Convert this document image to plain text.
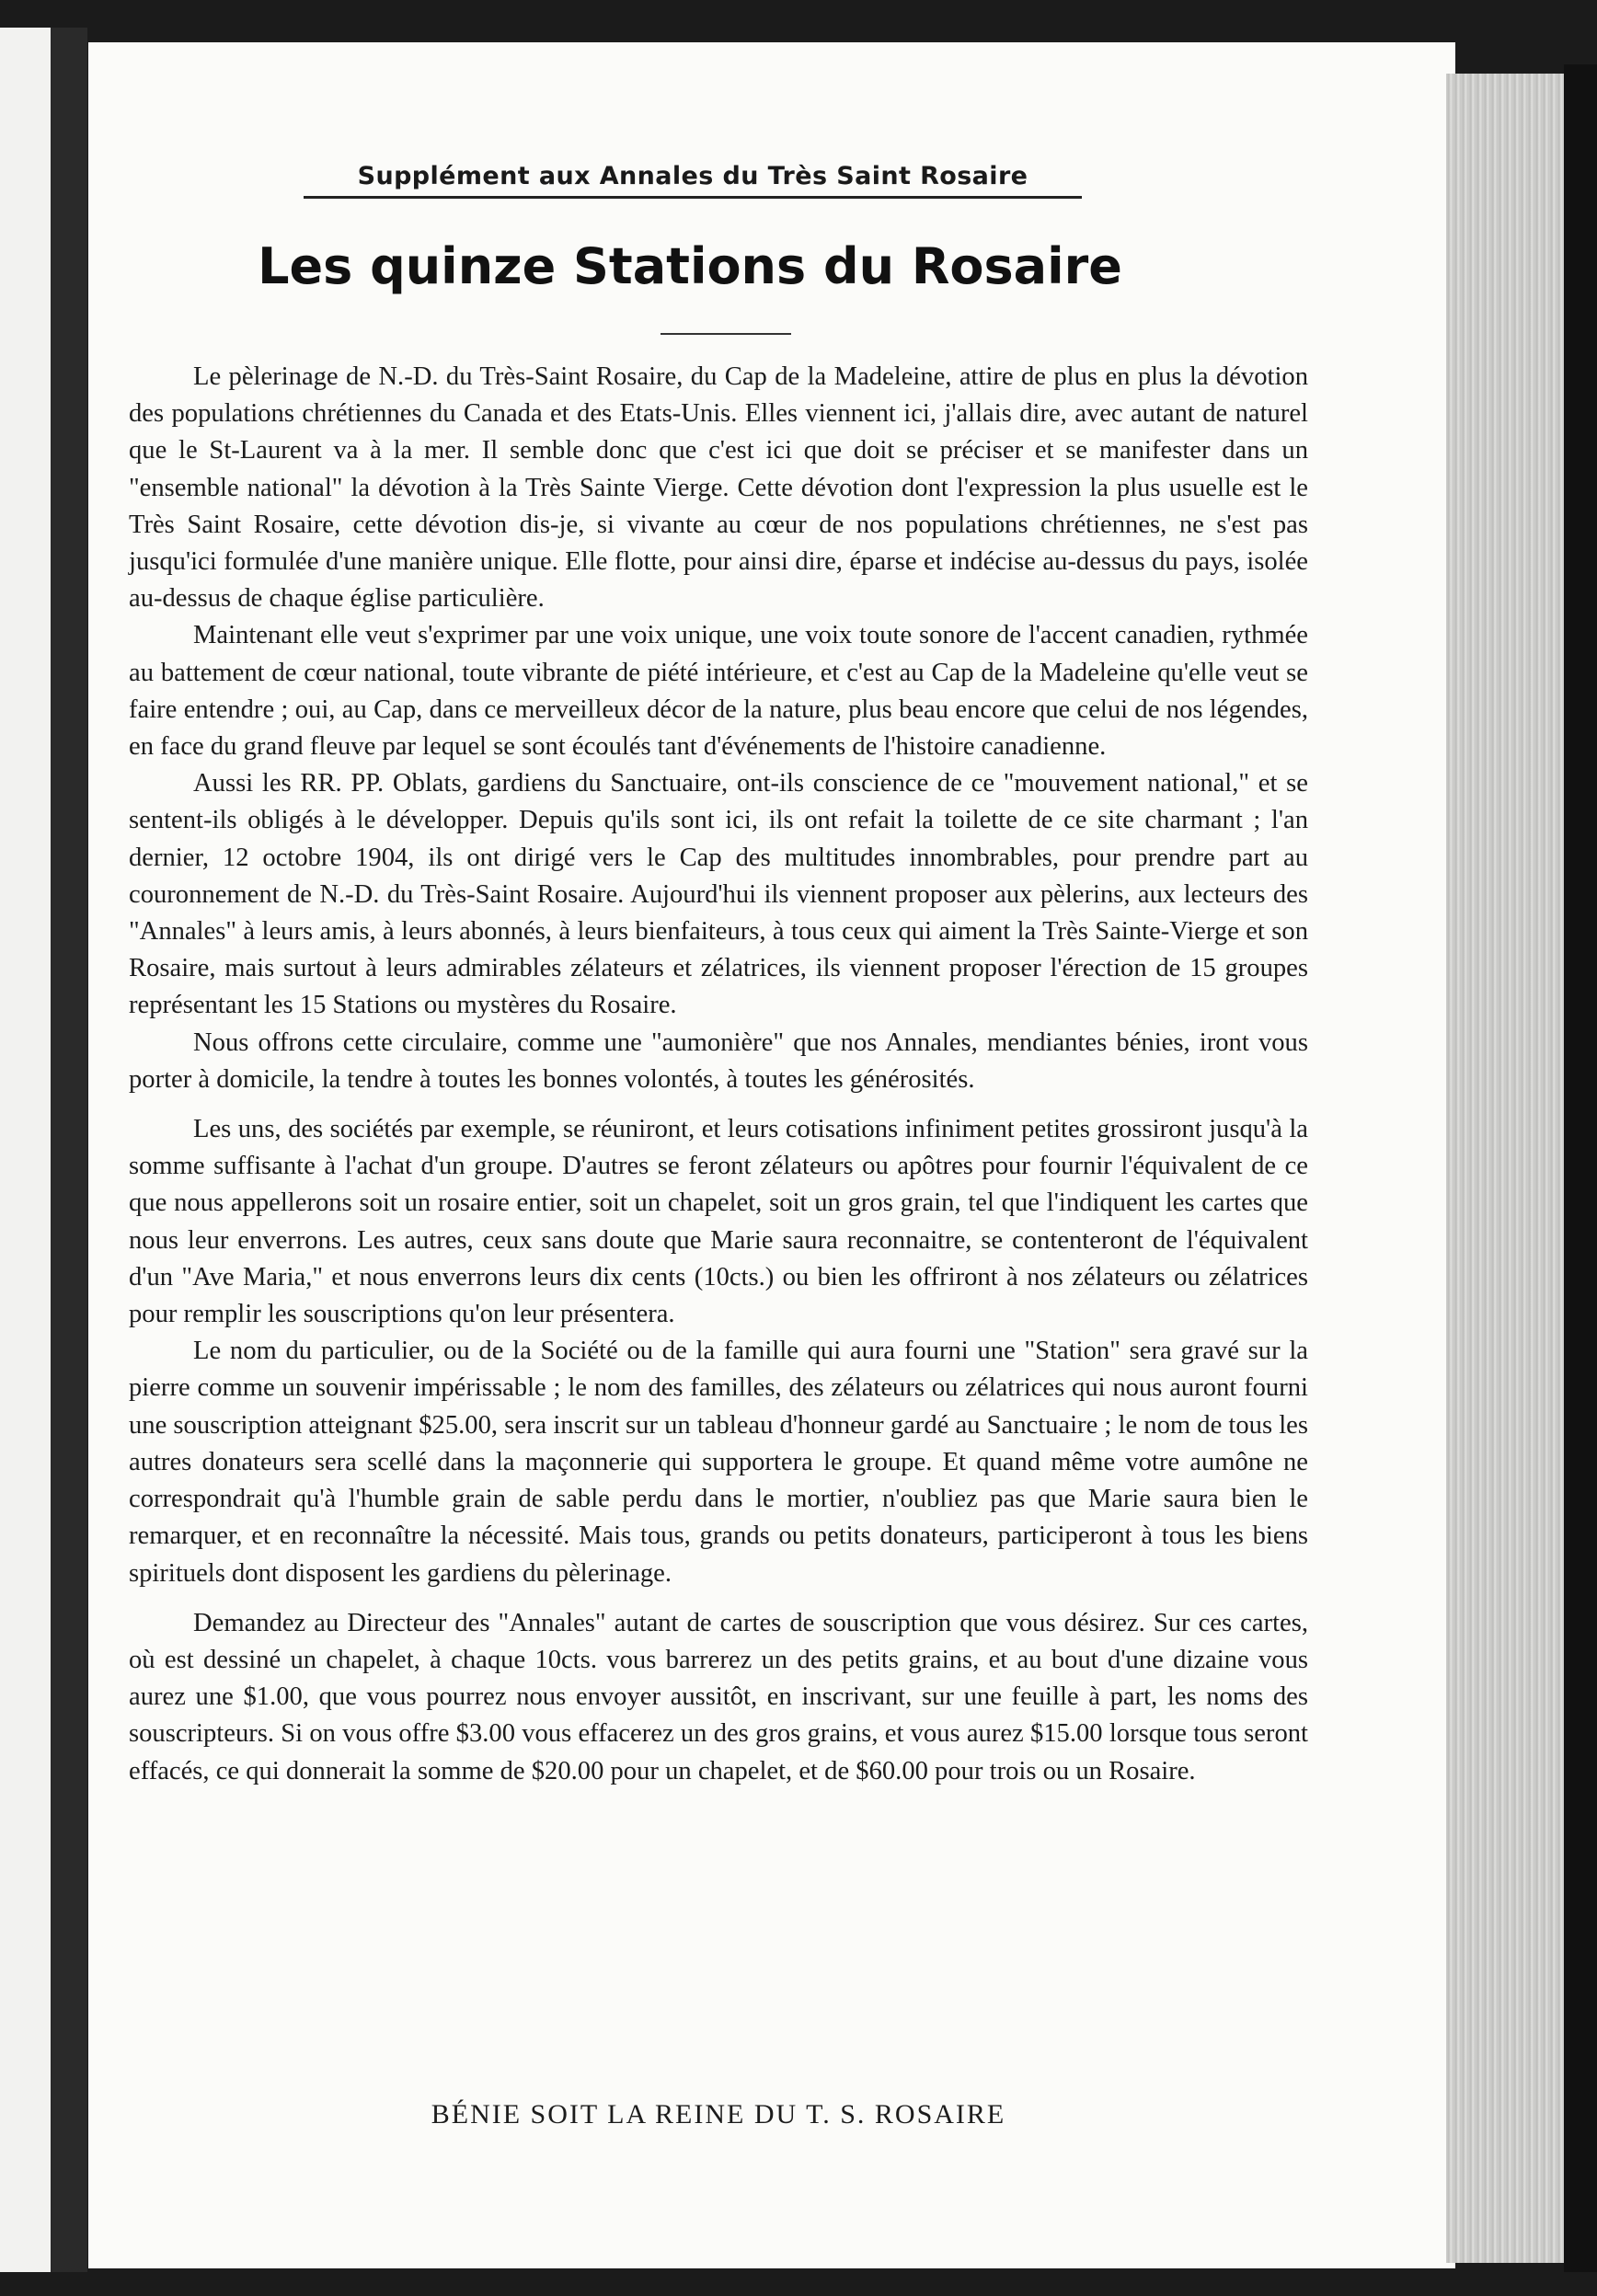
Supplément aux Annales du Très Saint Rosaire
Les quinze Stations du Rosaire

Le pèlerinage de N.-D. du Très-Saint Rosaire, du Cap de la Madeleine, attire de plus en plus la dévotion des populations chrétiennes du Canada et des Etats-Unis. Elles viennent ici, j'allais dire, avec autant de naturel que le St-Laurent va à la mer. Il semble donc que c'est ici que doit se préciser et se manifester dans un "ensemble national" la dévotion à la Très Sainte Vierge. Cette dévotion dont l'expression la plus usuelle est le Très Saint Rosaire, cette dévotion dis-je, si vivante au cœur de nos populations chrétiennes, ne s'est pas jusqu'ici formulée d'une manière unique. Elle flotte, pour ainsi dire, éparse et indécise au-dessus du pays, isolée au-dessus de chaque église particulière.

Maintenant elle veut s'exprimer par une voix unique, une voix toute sonore de l'accent canadien, rythmée au battement de cœur national, toute vibrante de piété intérieure, et c'est au Cap de la Madeleine qu'elle veut se faire entendre ; oui, au Cap, dans ce merveilleux décor de la nature, plus beau encore que celui de nos légendes, en face du grand fleuve par lequel se sont écoulés tant d'événements de l'histoire canadienne.

Aussi les RR. PP. Oblats, gardiens du Sanctuaire, ont-ils conscience de ce "mouvement national," et se sentent-ils obligés à le développer. Depuis qu'ils sont ici, ils ont refait la toilette de ce site charmant ; l'an dernier, 12 octobre 1904, ils ont dirigé vers le Cap des multitudes innombrables, pour prendre part au couronnement de N.-D. du Très-Saint Rosaire. Aujourd'hui ils viennent proposer aux pèlerins, aux lecteurs des "Annales" à leurs amis, à leurs abonnés, à leurs bienfaiteurs, à tous ceux qui aiment la Très Sainte-Vierge et son Rosaire, mais surtout à leurs admirables zélateurs et zélatrices, ils viennent proposer l'érection de 15 groupes représentant les 15 Stations ou mystères du Rosaire.

Nous offrons cette circulaire, comme une "aumonière" que nos Annales, mendiantes bénies, iront vous porter à domicile, la tendre à toutes les bonnes volontés, à toutes les générosités.

Les uns, des sociétés par exemple, se réuniront, et leurs cotisations infiniment petites grossiront jusqu'à la somme suffisante à l'achat d'un groupe. D'autres se feront zélateurs ou apôtres pour fournir l'équivalent de ce que nous appellerons soit un rosaire entier, soit un chapelet, soit un gros grain, tel que l'indiquent les cartes que nous leur enverrons. Les autres, ceux sans doute que Marie saura reconnaitre, se contenteront de l'équivalent d'un "Ave Maria," et nous enverrons leurs dix cents (10cts.) ou bien les offriront à nos zélateurs ou zélatrices pour remplir les souscriptions qu'on leur présentera.

Le nom du particulier, ou de la Société ou de la famille qui aura fourni une "Station" sera gravé sur la pierre comme un souvenir impérissable ; le nom des familles, des zélateurs ou zélatrices qui nous auront fourni une souscription atteignant $25.00, sera inscrit sur un tableau d'honneur gardé au Sanctuaire ; le nom de tous les autres donateurs sera scellé dans la maçonnerie qui supportera le groupe. Et quand même votre aumône ne correspondrait qu'à l'humble grain de sable perdu dans le mortier, n'oubliez pas que Marie saura bien le remarquer, et en reconnaître la nécessité. Mais tous, grands ou petits donateurs, participeront à tous les biens spirituels dont disposent les gardiens du pèlerinage.

Demandez au Directeur des "Annales" autant de cartes de souscription que vous désirez. Sur ces cartes, où est dessiné un chapelet, à chaque 10cts. vous barrerez un des petits grains, et au bout d'une dizaine vous aurez une $1.00, que vous pourrez nous envoyer aussitôt, en inscrivant, sur une feuille à part, les noms des souscripteurs. Si on vous offre $3.00 vous effacerez un des gros grains, et vous aurez $15.00 lorsque tous seront effacés, ce qui donnerait la somme de $20.00 pour un chapelet, et de $60.00 pour trois ou un Rosaire.

BÉNIE SOIT LA REINE DU T. S. ROSAIRE
